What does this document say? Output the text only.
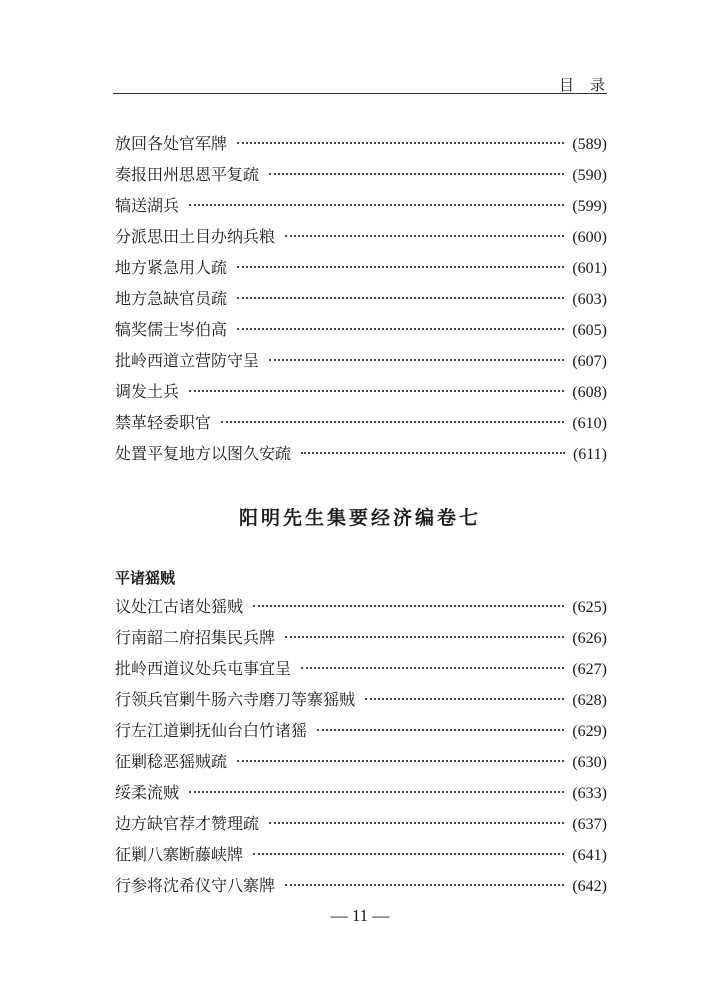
目录
放回各处官军牌	(589)
奏报田州思恩平复疏	(590)
犒送湖兵	(599)
分派思田土目办纳兵粮	(600)
地方紧急用人疏	(601)
地方急缺官员疏	(603)
犒奖儒士岑伯高	(605)
批岭西道立营防守呈	(607)
调发土兵	(608)
禁革轻委职官	(610)
处置平复地方以图久安疏	(611)
阳明先生集要经济编卷七
平诸猺贼
议处江古诸处猺贼	(625)
行南韶二府招集民兵牌	(626)
批岭西道议处兵屯事宜呈	(627)
行领兵官剿牛肠六寺磨刀等寨猺贼	(628)
行左江道剿抚仙台白竹诸猺	(629)
征剿稔恶猺贼疏	(630)
绥柔流贼	(633)
边方缺官荐才赞理疏	(637)
征剿八寨断藤峡牌	(641)
行参将沈希仪守八寨牌	(642)
— 11 —
